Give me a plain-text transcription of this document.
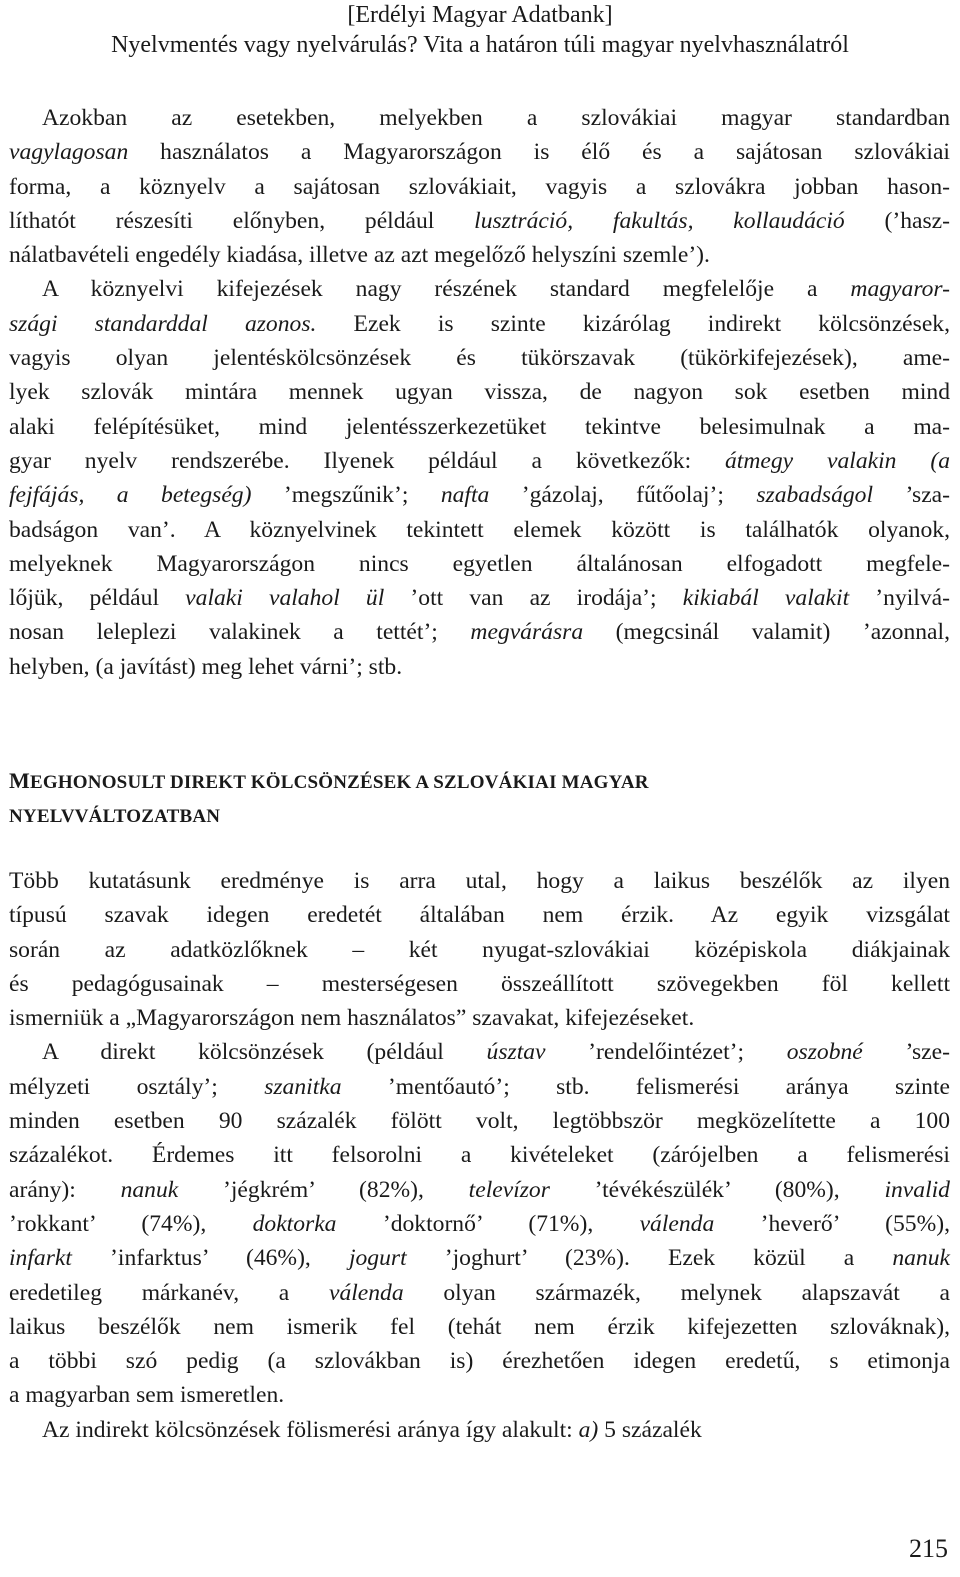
[Erdélyi Magyar Adatbank]
Nyelvmentés vagy nyelvárulás? Vita a határon túli magyar nyelvhasználatról

Azokban az esetekben, melyekben a szlovákiai magyar standardban

vagylagosan használatos a Magyarországon is élő és a sajátosan szlovákiai

forma, a köznyelv a sajátosan szlovákiait, vagyis a szlovákra jobban hason-

líthatót részesíti előnyben, például lusztráció, fakultás, kollaudáció (’hasz-

nálatbavételi engedély kiadása, illetve az azt megelőző helyszíni szemle’).

A köznyelvi kifejezések nagy részének standard megfelelője a magyaror-

szági standarddal azonos. Ezek is szinte kizárólag indirekt kölcsönzések,

vagyis olyan jelentéskölcsönzések és tükörszavak (tükörkifejezések), ame-

lyek szlovák mintára mennek ugyan vissza, de nagyon sok esetben mind

alaki felépítésüket, mind jelentésszerkezetüket tekintve belesimulnak a ma-

gyar nyelv rendszerébe. Ilyenek például a következők: átmegy valakin (a

fejfájás, a betegség) ’megszűnik’; nafta ’gázolaj, fűtőolaj’; szabadságol ’sza-

badságon van’. A köznyelvinek tekintett elemek között is találhatók olyanok,

melyeknek Magyarországon nincs egyetlen általánosan elfogadott megfele-

lőjük, például valaki valahol ül ’ott van az irodája’; kikiabál valakit ’nyilvá-

nosan leleplezi valakinek a tettét’; megvárásra (megcsinál valamit) ’azonnal,

helyben, (a javítást) meg lehet várni’; stb.

MEGHONOSULT DIREKT KÖLCSÖNZÉSEK A SZLOVÁKIAI MAGYAR
NYELVVÁLTOZATBAN

Több kutatásunk eredménye is arra utal, hogy a laikus beszélők az ilyen

típusú szavak idegen eredetét általában nem érzik. Az egyik vizsgálat

során az adatközlőknek – két nyugat-szlovákiai középiskola diákjainak

és pedagógusainak – mesterségesen összeállított szövegekben föl kellett

ismerniük a „Magyarországon nem használatos” szavakat, kifejezéseket.

A direkt kölcsönzések (például úsztav ’rendelőintézet’; oszobné ’sze-

mélyzeti osztály’; szanitka ’mentőautó’; stb. felismerési aránya szinte

minden esetben 90 százalék fölött volt, legtöbbször megközelítette a 100

százalékot. Érdemes itt felsorolni a kivételeket (zárójelben a felismerési

arány): nanuk ’jégkrém’ (82%), televízor ’tévékészülék’ (80%), invalid

’rokkant’ (74%), doktorka ’doktornő’ (71%), válenda ’heverő’ (55%),

infarkt ’infarktus’ (46%), jogurt ’joghurt’ (23%). Ezek közül a nanuk

eredetileg márkanév, a válenda olyan származék, melynek alapszavát a

laikus beszélők nem ismerik fel (tehát nem érzik kifejezetten szlováknak),

a többi szó pedig (a szlovákban is) érezhetően idegen eredetű, s etimonja

a magyarban sem ismeretlen.

Az indirekt kölcsönzések fölismerési aránya így alakult: a) 5 százalék

215
